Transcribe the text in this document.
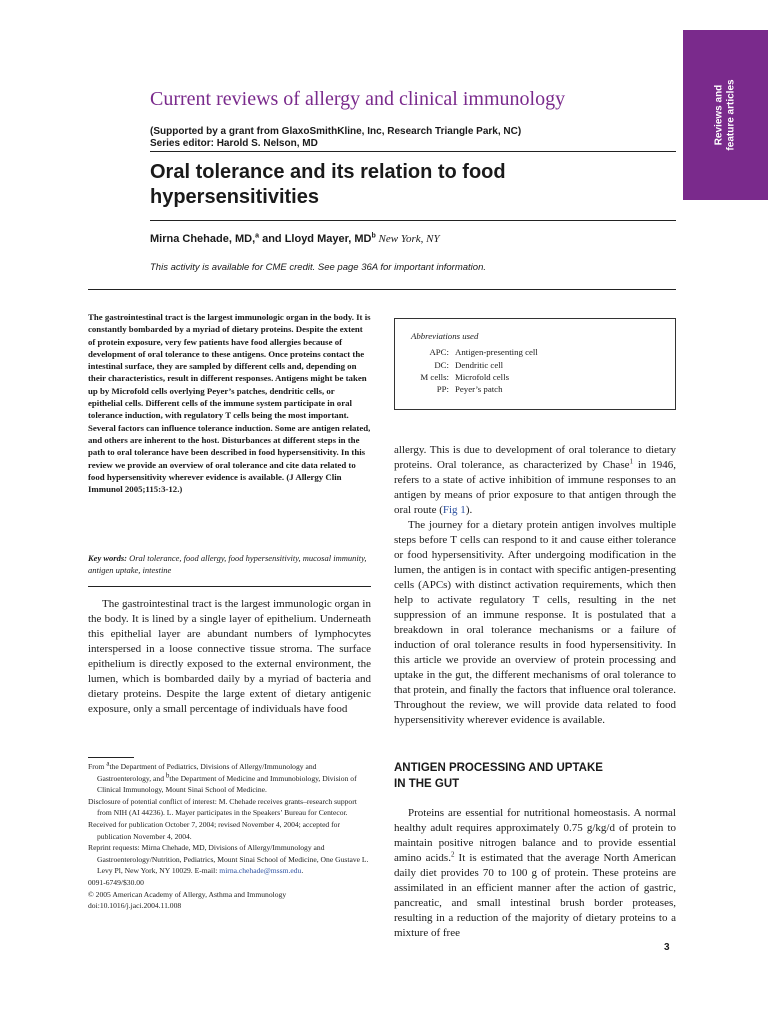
Reviews and
feature articles
Current reviews of allergy and clinical immunology
(Supported by a grant from GlaxoSmithKline, Inc, Research Triangle Park, NC)
Series editor: Harold S. Nelson, MD
Oral tolerance and its relation to food
hypersensitivities
Mirna Chehade, MD,$^a$ and Lloyd Mayer, $MD^b$ New York, NY
This activity is available for CME credit. See page 36A for important information.
The gastrointestinal tract is the largest immunologic organ in the body. It is constantly bombarded by a myriad of dietary proteins. Despite the extent of protein exposure, very few patients have food allergies because of development of oral tolerance to these antigens. Once proteins contact the intestinal surface, they are sampled by different cells and, depending on their characteristics, result in different responses. Antigens might be taken up by Microfold cells overlying Peyer’s patches, dendritic cells, or epithelial cells. Different cells of the immune system participate in oral tolerance induction, with regulatory T cells being the most important. Several factors can influence tolerance induction. Some are antigen related, and others are inherent to the host. Disturbances at different steps in the path to oral tolerance have been described in food hypersensitivity. In this review we provide an overview of oral tolerance and cite data related to food hypersensitivity wherever evidence is available. (J Allergy Clin Immunol 2005;115:3-12.)
Key words: Oral tolerance, food allergy, food hypersensitivity, mucosal immunity, antigen uptake, intestine

The gastrointestinal tract is the largest immunologic organ in the body. It is lined by a single layer of epithelium. Underneath this epithelial layer are abundant numbers of lymphocytes interspersed in a loose connective tissue stroma. The surface epithelium is directly exposed to the external environment, the lumen, which is bombarded daily by a myriad of bacteria and dietary proteins. Despite the large extent of dietary antigenic exposure, only a small percentage of individuals have food

Abbreviations used
APC: Antigen-presenting cell
DC: Dendritic cell
M cells: Microfold cells
PP: Peyer’s patch

allergy. This is due to development of oral tolerance to dietary proteins. Oral tolerance, as characterized by Chase$^1$ in 1946, refers to a state of active inhibition of immune responses to an antigen by means of prior exposure to that antigen through the oral route (Fig 1).

The journey for a dietary protein antigen involves multiple steps before T cells can respond to it and cause either tolerance or food hypersensitivity. After undergoing modification in the lumen, the antigen is in contact with specific antigen-presenting cells (APCs) with distinct activation requirements, which then help to activate regulatory T cells, resulting in the net suppression of an immune response. It is postulated that a breakdown in oral tolerance mechanisms or a failure of induction of oral tolerance results in food hypersensitivity. In this article we provide an overview of protein processing and uptake in the gut, the different mechanisms of oral tolerance to that protein, and finally the factors that influence oral tolerance. Throughout the review, we will provide data related to food hypersensitivity wherever evidence is available.

ANTIGEN PROCESSING AND UPTAKE
IN THE GUT

Proteins are essential for nutritional homeostasis. A normal healthy adult requires approximately 0.75 g/kg/d of protein to maintain positive nitrogen balance and to provide essential amino acids.$^2$ It is estimated that the average North American daily diet provides 70 to 100 g of protein. These proteins are assimilated in an efficient manner after the action of gastric, pancreatic, and small intestinal brush border proteases, resulting in a reduction of the majority of dietary proteins to a mixture of free

From $^a$the Department of Pediatrics, Divisions of Allergy/Immunology and Gastroenterology, and $^b$the Department of Medicine and Immunobiology, Division of Clinical Immunology, Mount Sinai School of Medicine.

Disclosure of potential conflict of interest: M. Chehade receives grants–research support from NIH (AI 44236). L. Mayer participates in the Speakers’ Bureau for Centecor.

Received for publication October 7, 2004; revised November 4, 2004; accepted for publication November 4, 2004.

Reprint requests: Mirna Chehade, MD, Divisions of Allergy/Immunology and Gastroenterology/Nutrition, Pediatrics, Mount Sinai School of Medicine, One Gustave L. Levy Pl, New York, NY 10029. E-mail: mirna.chehade@mssm.edu.

0091-6749/$30.00

© 2005 American Academy of Allergy, Asthma and Immunology

doi:10.1016/j.jaci.2004.11.008

3
